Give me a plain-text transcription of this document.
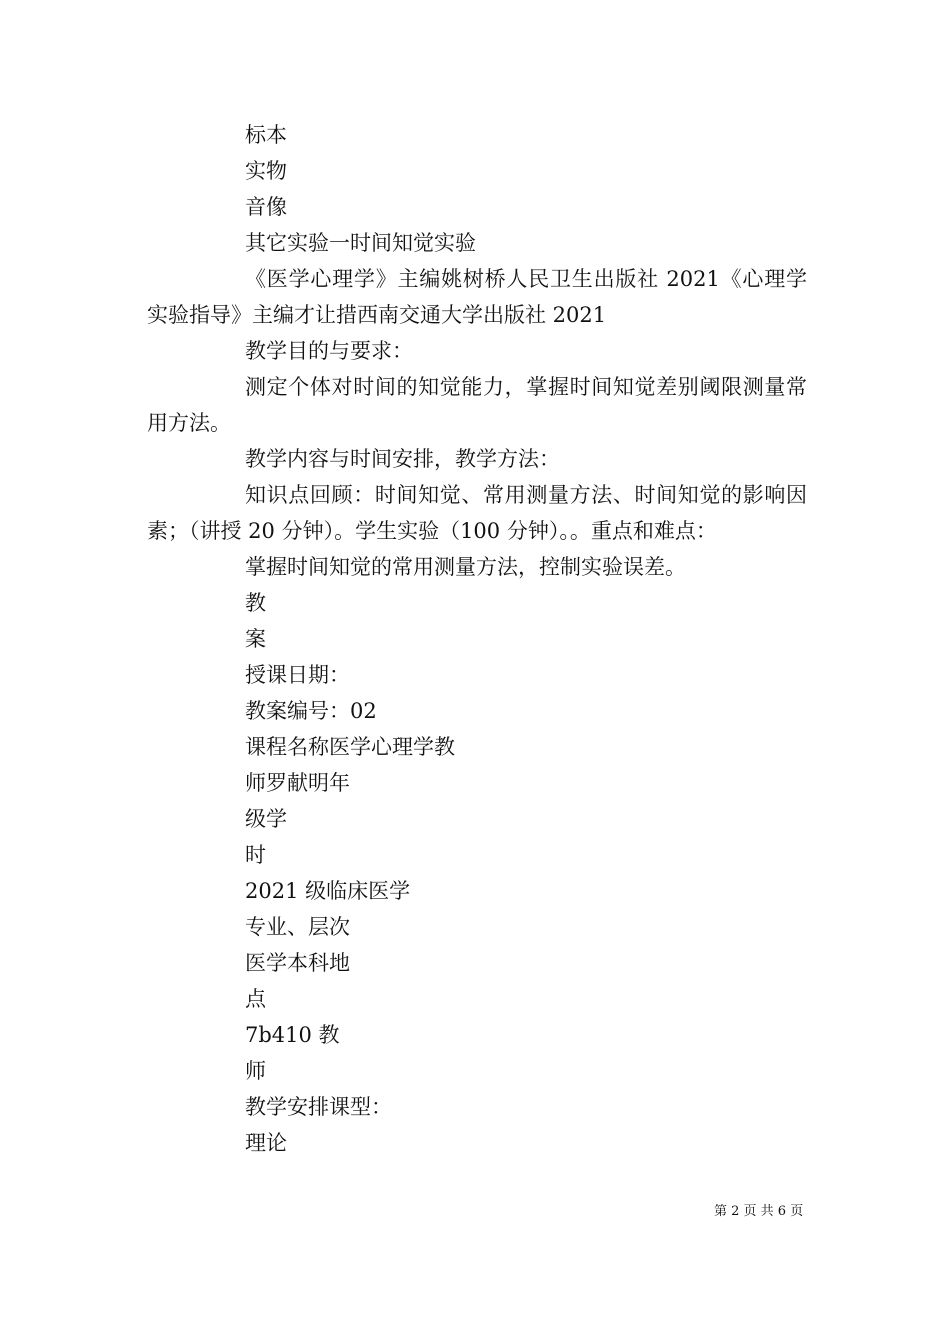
标本

实物

音像

其它实验一时间知觉实验

《医学心理学》主编姚树桥人民卫生出版社 2021《心理学实验指导》主编才让措西南交通大学出版社 2021

教学目的与要求：

测定个体对时间的知觉能力，掌握时间知觉差别阈限测量常用方法。

教学内容与时间安排，教学方法：

知识点回顾：时间知觉、常用测量方法、时间知觉的影响因素；（讲授 20 分钟）。学生实验（100 分钟）。。重点和难点：

掌握时间知觉的常用测量方法，控制实验误差。

教

案

授课日期：

教案编号：02

课程名称医学心理学教

师罗献明年

级学

时

2021 级临床医学

专业、层次

医学本科地

点

7b410 教

师

教学安排课型：

理论

第 2 页 共 6 页
